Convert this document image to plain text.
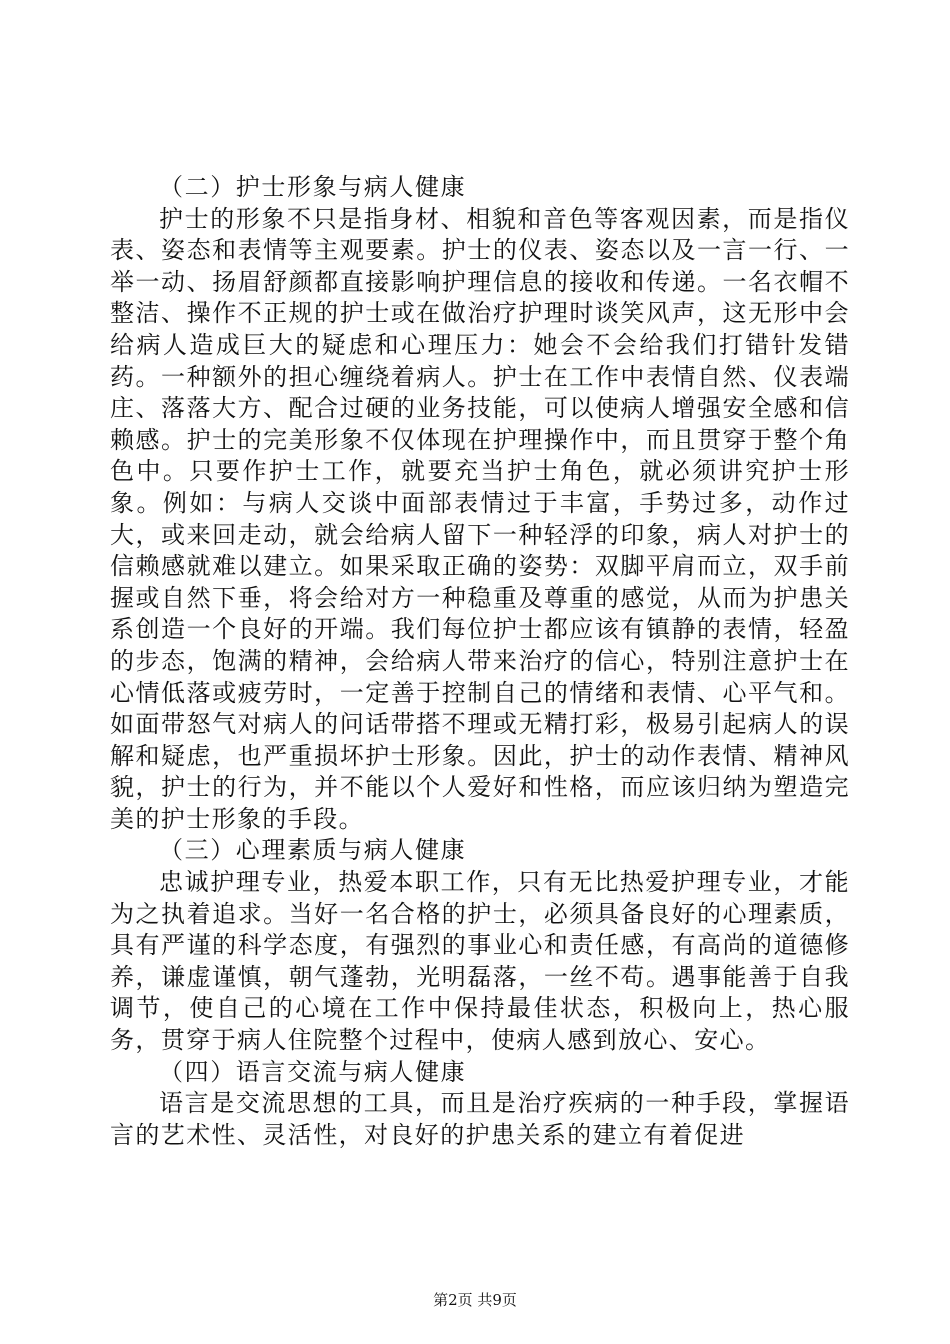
（二）护士形象与病人健康

护士的形象不只是指身材、相貌和音色等客观因素，而是指仪表、姿态和表情等主观要素。护士的仪表、姿态以及一言一行、一举一动、扬眉舒颜都直接影响护理信息的接收和传递。一名衣帽不整洁、操作不正规的护士或在做治疗护理时谈笑风声，这无形中会给病人造成巨大的疑虑和心理压力：她会不会给我们打错针发错药。一种额外的担心缠绕着病人。护士在工作中表情自然、仪表端庄、落落大方、配合过硬的业务技能，可以使病人增强安全感和信赖感。护士的完美形象不仅体现在护理操作中，而且贯穿于整个角色中。只要作护士工作，就要充当护士角色，就必须讲究护士形象。例如：与病人交谈中面部表情过于丰富，手势过多，动作过大，或来回走动，就会给病人留下一种轻浮的印象，病人对护士的信赖感就难以建立。如果采取正确的姿势：双脚平肩而立，双手前握或自然下垂，将会给对方一种稳重及尊重的感觉，从而为护患关系创造一个良好的开端。我们每位护士都应该有镇静的表情，轻盈的步态，饱满的精神，会给病人带来治疗的信心，特别注意护士在心情低落或疲劳时，一定善于控制自己的情绪和表情、心平气和。如面带怒气对病人的问话带搭不理或无精打彩，极易引起病人的误解和疑虑，也严重损坏护士形象。因此，护士的动作表情、精神风貌，护士的行为，并不能以个人爱好和性格，而应该归纳为塑造完美的护士形象的手段。

（三）心理素质与病人健康

忠诚护理专业，热爱本职工作，只有无比热爱护理专业，才能为之执着追求。当好一名合格的护士，必须具备良好的心理素质，具有严谨的科学态度，有强烈的事业心和责任感，有高尚的道德修养，谦虚谨慎，朝气蓬勃，光明磊落，一丝不苟。遇事能善于自我调节，使自己的心境在工作中保持最佳状态，积极向上，热心服务，贯穿于病人住院整个过程中，使病人感到放心、安心。

（四）语言交流与病人健康

语言是交流思想的工具，而且是治疗疾病的一种手段，掌握语言的艺术性、灵活性，对良好的护患关系的建立有着促进

第2页 共9页
